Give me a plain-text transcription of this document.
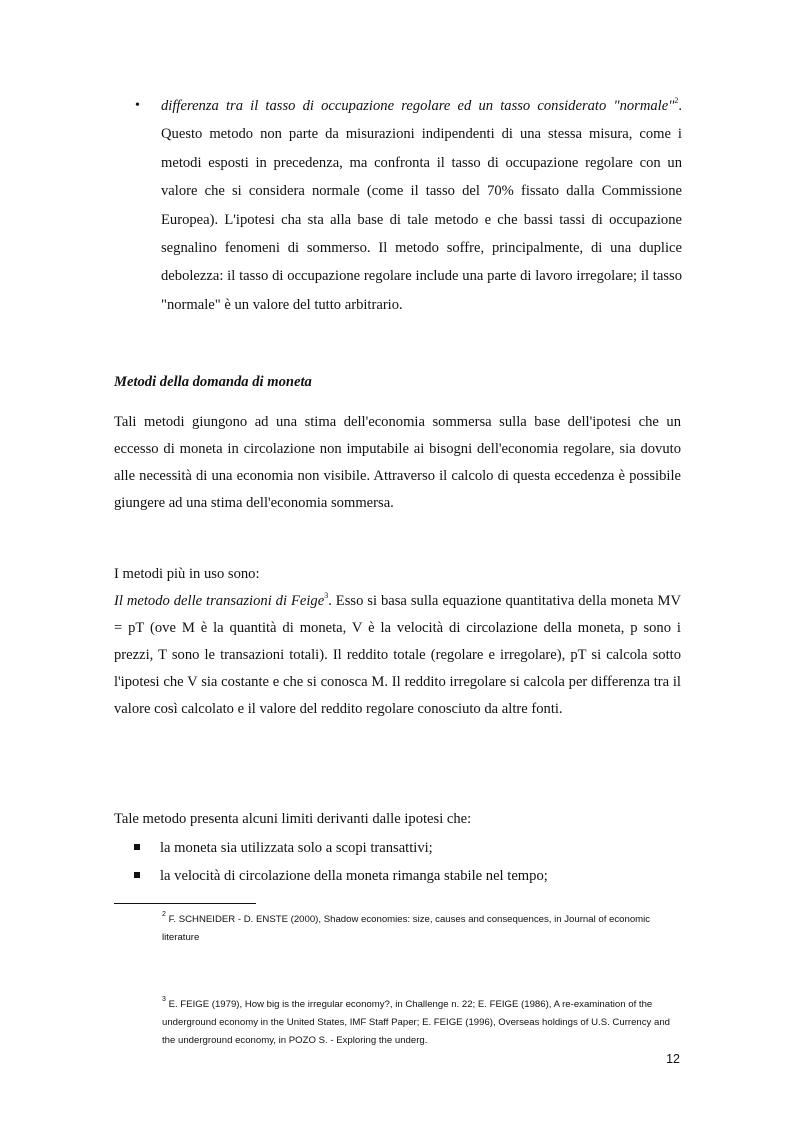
• differenza tra il tasso di occupazione regolare ed un tasso considerato "normale"$^2$. Questo metodo non parte da misurazioni indipendenti di una stessa misura, come i metodi esposti in precedenza, ma confronta il tasso di occupazione regolare con un valore che si considera normale (come il tasso del 70% fissato dalla Commissione Europea). L'ipotesi cha sta alla base di tale metodo e che bassi tassi di occupazione segnalino fenomeni di sommerso. Il metodo soffre, principalmente, di una duplice debolezza: il tasso di occupazione regolare include una parte di lavoro irregolare; il tasso "normale" è un valore del tutto arbitrario.
Metodi della domanda di moneta

Tali metodi giungono ad una stima dell'economia sommersa sulla base dell'ipotesi che un eccesso di moneta in circolazione non imputabile ai bisogni dell'economia regolare, sia dovuto alle necessità di una economia non visibile. Attraverso il calcolo di questa eccedenza è possibile giungere ad una stima dell'economia sommersa.

I metodi più in uso sono:

Il metodo delle transazioni di Feige$^3$. Esso si basa sulla equazione quantitativa della moneta MV = pT (ove M è la quantità di moneta, V è la velocità di circolazione della moneta, p sono i prezzi, T sono le transazioni totali). Il reddito totale (regolare e irregolare), pT si calcola sotto l'ipotesi che V sia costante e che si conosca M. Il reddito irregolare si calcola per differenza tra il valore così calcolato e il valore del reddito regolare conosciuto da altre fonti.

Tale metodo presenta alcuni limiti derivanti dalle ipotesi che:

la moneta sia utilizzata solo a scopi transattivi;
la velocità di circolazione della moneta rimanga stabile nel tempo;
$^2$ F. SCHNEIDER - D. ENSTE (2000), Shadow economies: size, causes and consequences, in Journal of economic literature
$^3$ E. FEIGE (1979), How big is the irregular economy?, in Challenge n. 22; E. FEIGE (1986), A re-examination of the underground economy in the United States, IMF Staff Paper; E. FEIGE (1996), Overseas holdings of U.S. Currency and the underground economy, in POZO S. - Exploring the underg.
12
